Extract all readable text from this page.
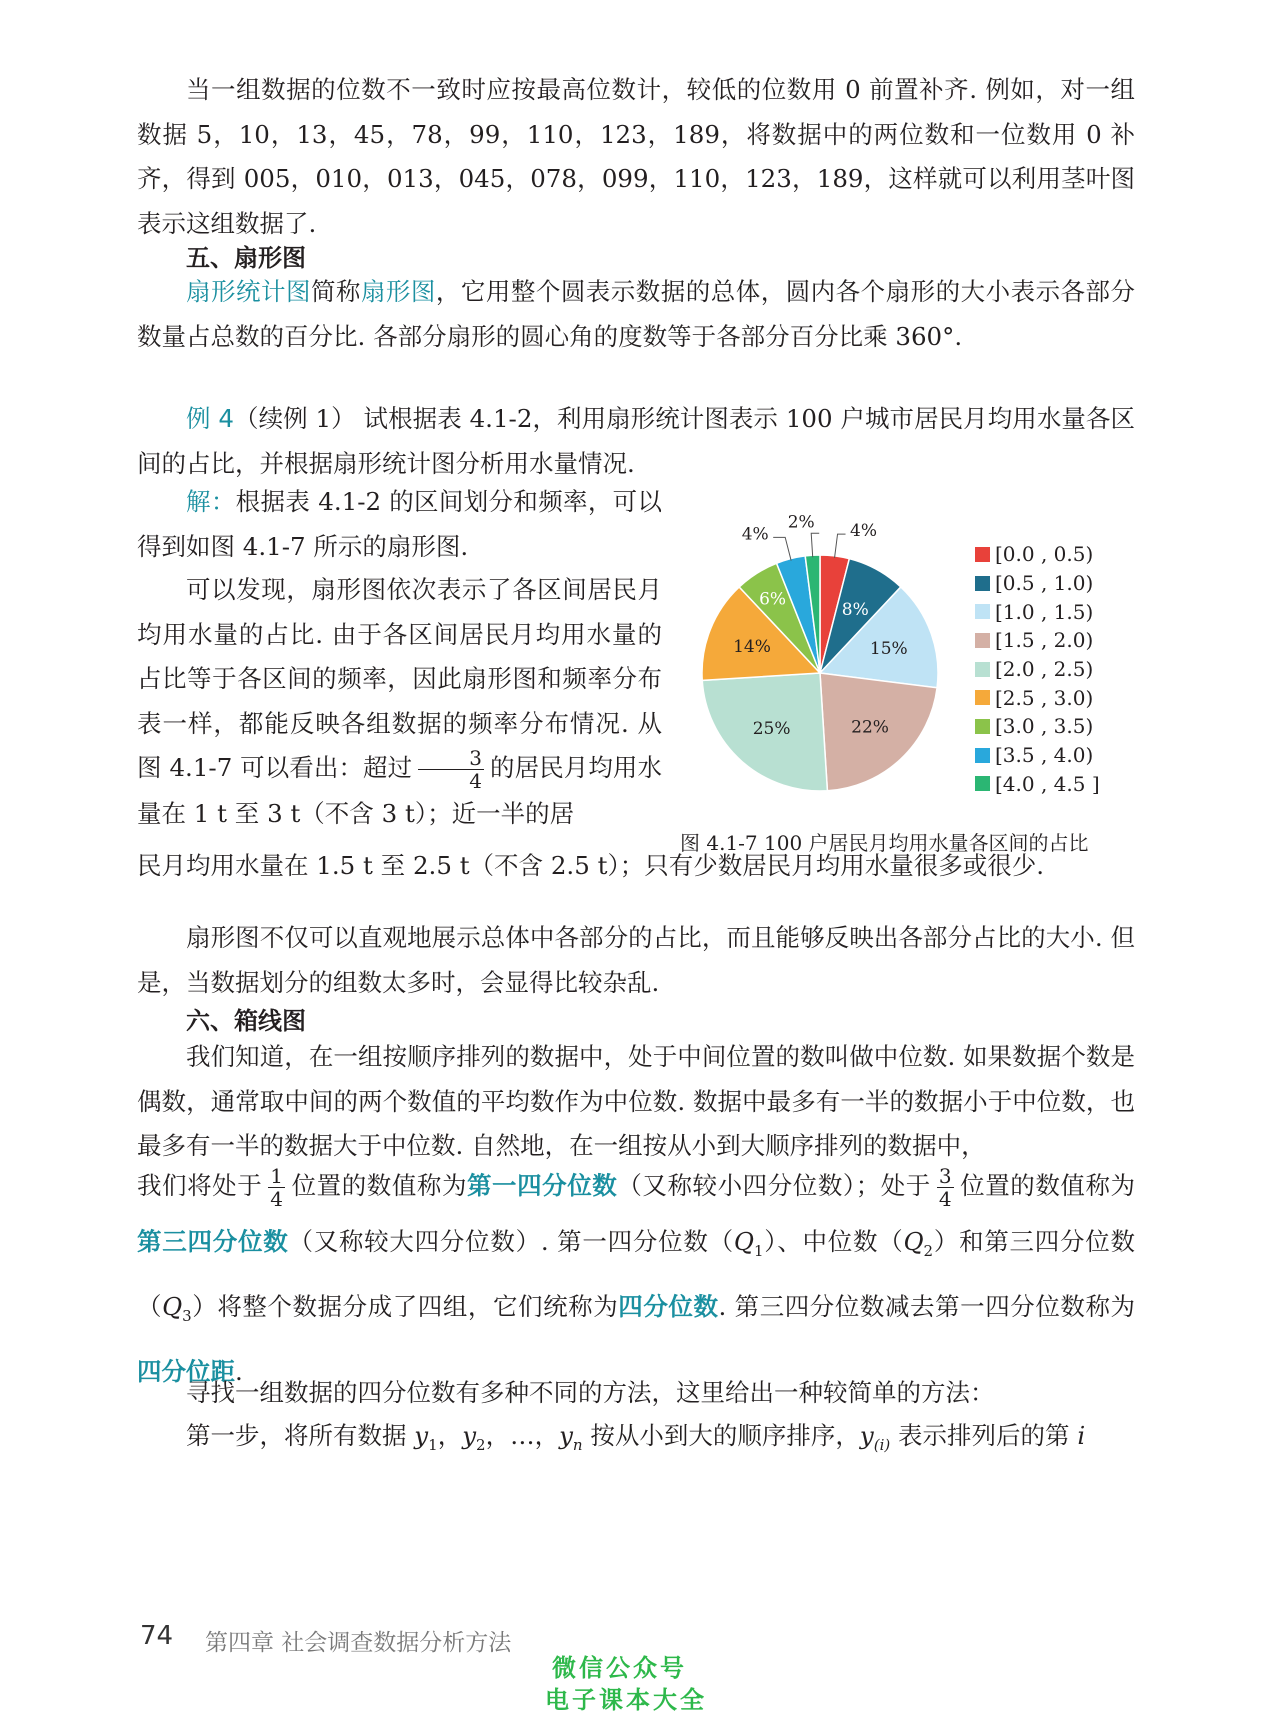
当一组数据的位数不一致时应按最高位数计，较低的位数用 0 前置补齐. 例如，对一组数据 5，10，13，45，78，99，110，123，189，将数据中的两位数和一位数用 0 补齐，得到 005，010，013，045，078，099，110，123，189，这样就可以利用茎叶图表示这组数据了.

五、扇形图

扇形统计图简称扇形图，它用整个圆表示数据的总体，圆内各个扇形的大小表示各部分数量占总数的百分比. 各部分扇形的圆心角的度数等于各部分百分比乘 360°.

例 4（续例 1） 试根据表 4.1-2，利用扇形统计图表示 100 户城市居民月均用水量各区间的占比，并根据扇形统计图分析用水量情况.

解：根据表 4.1-2 的区间划分和频率，可以得到如图 4.1-7 所示的扇形图.

可以发现，扇形图依次表示了各区间居民月均用水量的占比. 由于各区间居民月均用水量的占比等于各区间的频率，因此扇形图和频率分布表一样，都能反映各组数据的频率分布情况. 从图 4.1-7 可以看出：超过 $\frac{3}{4}$ 的居民月均用水量在 1 t 至 3 t（不含 3 t）；近一半的居

民月均用水量在 1.5 t 至 2.5 t（不含 2.5 t）；只有少数居民月均用水量很多或很少.

4%
8%
15%
22%
25%
14%
6%
4%
2%
[0.0 , 0.5)
[0.5 , 1.0)
[1.0 , 1.5)
[1.5 , 2.0)
[2.0 , 2.5)
[2.5 , 3.0)
[3.0 , 3.5)
[3.5 , 4.0)
[4.0 , 4.5 ]
图 4.1-7 100 户居民月均用水量各区间的占比

扇形图不仅可以直观地展示总体中各部分的占比，而且能够反映出各部分占比的大小. 但是，当数据划分的组数太多时，会显得比较杂乱.

六、箱线图

我们知道，在一组按顺序排列的数据中，处于中间位置的数叫做中位数. 如果数据个数是偶数，通常取中间的两个数值的平均数作为中位数. 数据中最多有一半的数据小于中位数，也最多有一半的数据大于中位数. 自然地，在一组按从小到大顺序排列的数据中，

我们将处于 $\frac{1}{4}$ 位置的数值称为第一四分位数（又称较小四分位数）；处于 $\frac{3}{4}$ 位置的数值称为第三四分位数（又称较大四分位数）. 第一四分位数$(Q_1)$、中位数$(Q_2)$和第三四分位数$(Q_3)$将整个数据分成了四组，它们统称为四分位数. 第三四分位数减去第一四分位数称为四分位距.

寻找一组数据的四分位数有多种不同的方法，这里给出一种较简单的方法：

第一步，将所有数据 $y_1$，$y_2$，…，$y_n$ 按从小到大的顺序排序，$y_{(i)}$ 表示排列后的第 i

74 第四章 社会调查数据分析方法
微信公众号
电子课本大全
